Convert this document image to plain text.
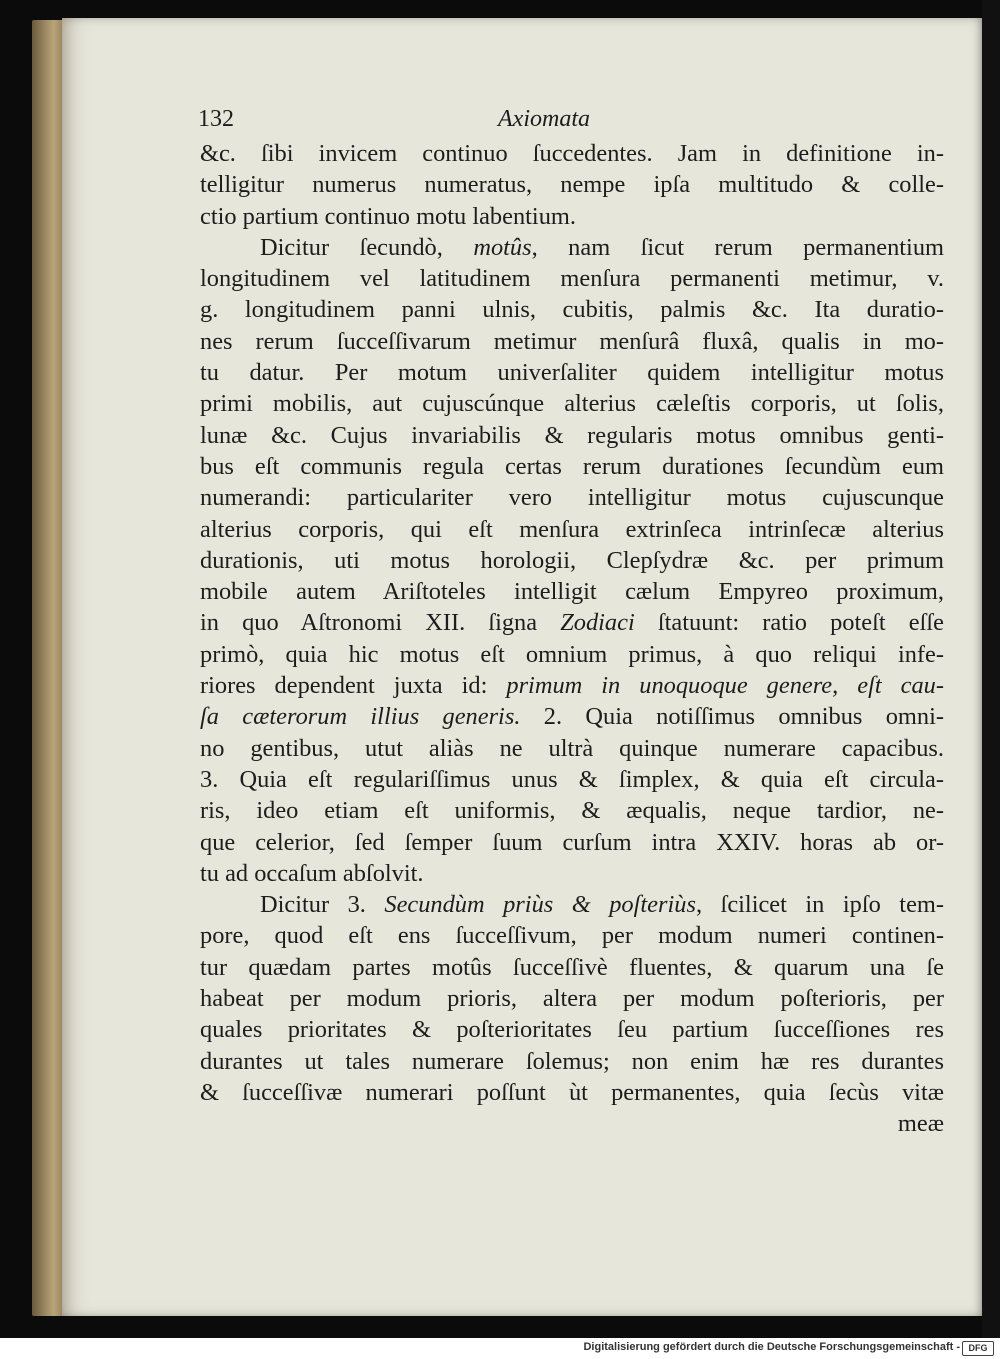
132	Axiomata
&c. ſibi invicem continuo ſuccedentes. Jam in definitione in-
telligitur numerus numeratus, nempe ipſa multitudo & colle-
ctio partium continuo motu labentium.
Dicitur ſecundò, motûs, nam ſicut rerum permanentium
longitudinem vel latitudinem menſura permanenti metimur, v.
g. longitudinem panni ulnis, cubitis, palmis &c. Ita duratio-
nes rerum ſucceſſivarum metimur menſurâ fluxâ, qualis in mo-
tu datur. Per motum univerſaliter quidem intelligitur motus
primi mobilis, aut cujuscúnque alterius cæleſtis corporis, ut ſolis,
lunæ &c. Cujus invariabilis & regularis motus omnibus genti-
bus eſt communis regula certas rerum durationes ſecundùm eum
numerandi: particulariter vero intelligitur motus cujuscunque
alterius corporis, qui eſt menſura extrinſeca intrinſecæ alterius
durationis, uti motus horologii, Clepſydræ &c. per primum
mobile autem Ariſtoteles intelligit cælum Empyreo proximum,
in quo Aſtronomi XII. ſigna Zodiaci ſtatuunt: ratio poteſt eſſe
primò, quia hic motus eſt omnium primus, à quo reliqui infe-
riores dependent juxta id: primum in unoquoque genere, eſt cau-
ſa cæterorum illius generis. 2. Quia notiſſimus omnibus omni-
no gentibus, utut aliàs ne ultrà quinque numerare capacibus.
3. Quia eſt regulariſſimus unus & ſimplex, & quia eſt circula-
ris, ideo etiam eſt uniformis, & æqualis, neque tardior, ne-
que celerior, ſed ſemper ſuum curſum intra XXIV. horas ab or-
tu ad occaſum abſolvit.
Dicitur 3. Secundùm priùs & poſteriùs, ſcilicet in ipſo tem-
pore, quod eſt ens ſucceſſivum, per modum numeri continen-
tur quædam partes motûs ſucceſſivè fluentes, & quarum una ſe
habeat per modum prioris, altera per modum poſterioris, per
quales prioritates & poſterioritates ſeu partium ſucceſſiones res
durantes ut tales numerare ſolemus; non enim hæ res durantes
& ſucceſſivæ numerari poſſunt ùt permanentes, quia ſecùs vitæ
meæ
Digitalisierung gefördert durch die Deutsche Forschungsgemeinschaft - DFG
